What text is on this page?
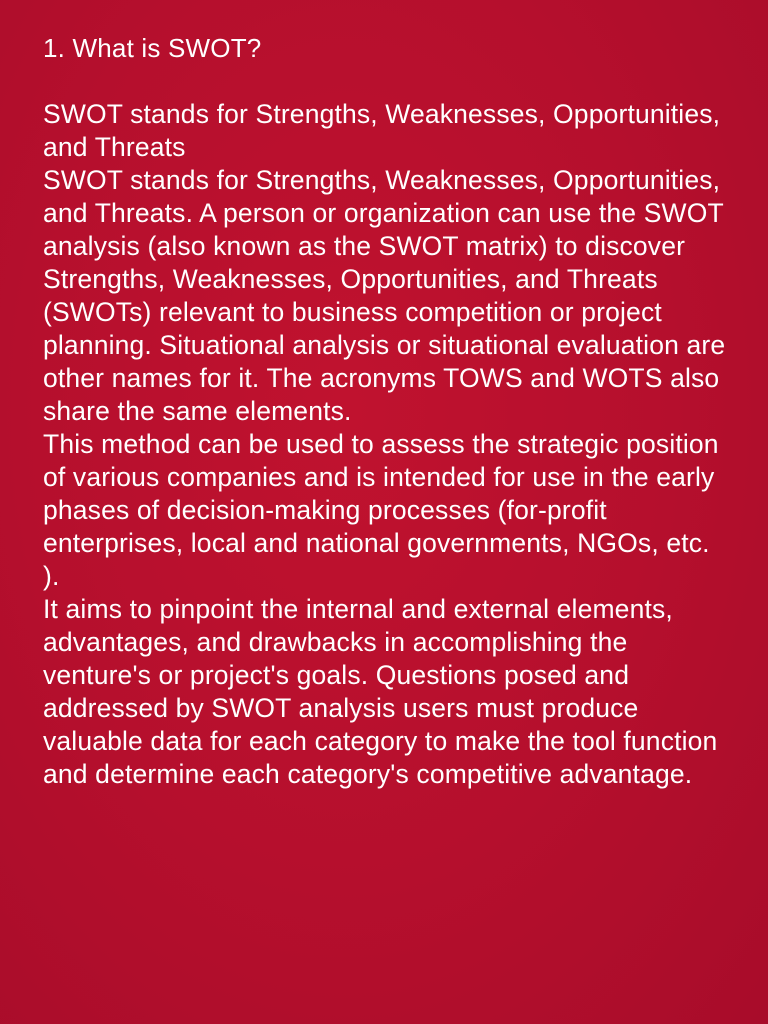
1. What is SWOT?

SWOT stands for Strengths, Weaknesses, Opportunities, and Threats

SWOT stands for Strengths, Weaknesses, Opportunities, and Threats. A person or organization can use the SWOT analysis (also known as the SWOT matrix) to discover Strengths, Weaknesses, Opportunities, and Threats (SWOTs) relevant to business competition or project planning. Situational analysis or situational evaluation are other names for it. The acronyms TOWS and WOTS also share the same elements.

This method can be used to assess the strategic position of various companies and is intended for use in the early phases of decision-making processes (for-profit enterprises, local and national governments, NGOs, etc. ).

It aims to pinpoint the internal and external elements, advantages, and drawbacks in accomplishing the venture's or project's goals. Questions posed and addressed by SWOT analysis users must produce valuable data for each category to make the tool function and determine each category's competitive advantage.
